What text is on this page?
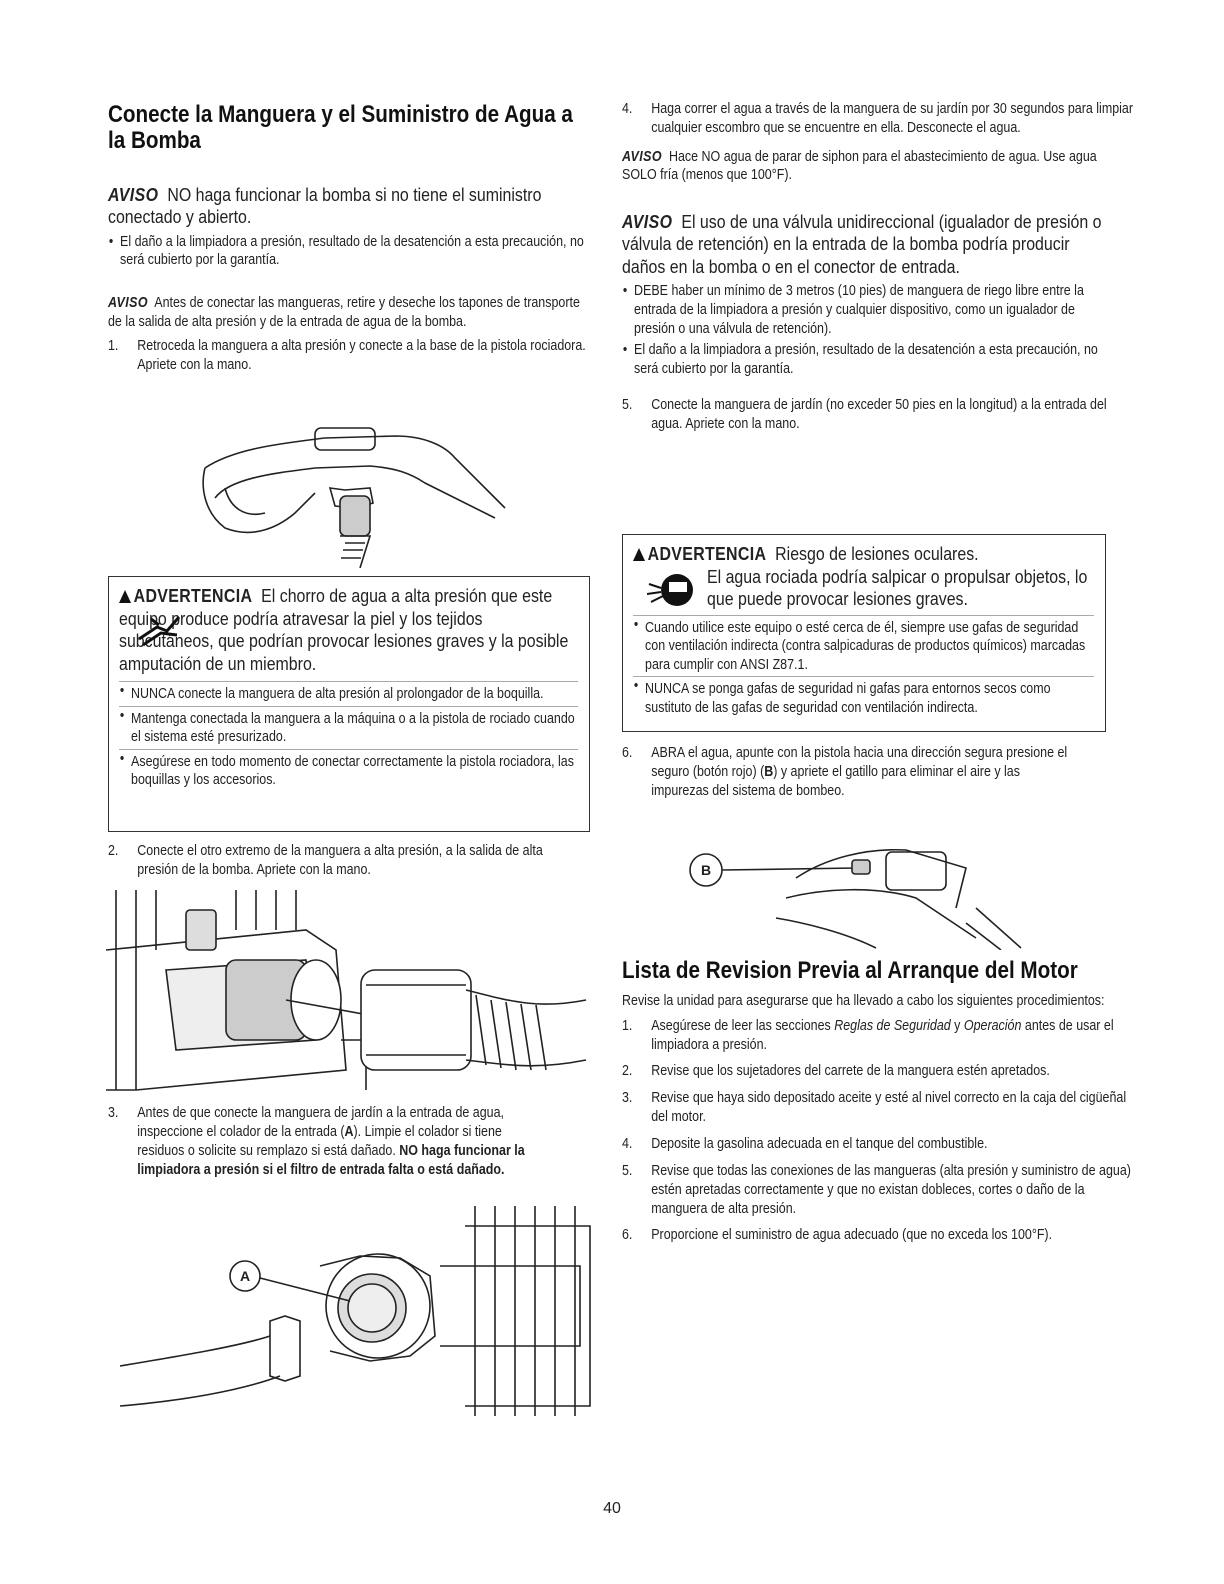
Conecte la Manguera y el Suministro de Agua a la Bomba

AVISO NO haga funcionar la bomba si no tiene el suministro conectado y abierto.

• El daño a la limpiadora a presión, resultado de la desatención a esta precaución, no será cubierto por la garantía.

AVISO Antes de conectar las mangueras, retire y deseche los tapones de transporte de la salida de alta presión y de la entrada de agua de la bomba.

1. Retroceda la manguera a alta presión y conecte a la base de la pistola rociadora. Apriete con la mano.
ADVERTENCIA El chorro de agua a alta presión que este equipo produce podría atravesar la piel y los tejidos subcutáneos, que podrían provocar lesiones graves y la posible amputación de un miembro.
• NUNCA conecte la manguera de alta presión al prolongador de la boquilla.
• Mantenga conectada la manguera a la máquina o a la pistola de rociado cuando el sistema esté presurizado.
• Asegúrese en todo momento de conectar correctamente la pistola rociadora, las boquillas y los accesorios.
2. Conecte el otro extremo de la manguera a alta presión, a la salida de alta presión de la bomba. Apriete con la mano.
3. Antes de que conecte la manguera de jardín a la entrada de agua, inspeccione el colador de la entrada (A). Limpie el colador si tiene residuos o solicite su remplazo si está dañado. NO haga funcionar la limpiadora a presión si el filtro de entrada falta o está dañado.
A
4. Haga correr el agua a través de la manguera de su jardín por 30 segundos para limpiar cualquier escombro que se encuentre en ella. Desconecte el agua.

AVISO Hace NO agua de parar de siphon para el abastecimiento de agua. Use agua SOLO fría (menos que 100°F).

AVISO El uso de una válvula unidireccional (igualador de presión o válvula de retención) en la entrada de la bomba podría producir daños en la bomba o en el conector de entrada.

• DEBE haber un mínimo de 3 metros (10 pies) de manguera de riego libre entre la entrada de la limpiadora a presión y cualquier dispositivo, como un igualador de presión o una válvula de retención).
• El daño a la limpiadora a presión, resultado de la desatención a esta precaución, no será cubierto por la garantía.
5. Conecte la manguera de jardín (no exceder 50 pies en la longitud) a la entrada del agua. Apriete con la mano.
ADVERTENCIA Riesgo de lesiones oculares.
El agua rociada podría salpicar o propulsar objetos, lo que puede provocar lesiones graves.
• Cuando utilice este equipo o esté cerca de él, siempre use gafas de seguridad con ventilación indirecta (contra salpicaduras de productos químicos) marcadas para cumplir con ANSI Z87.1.
• NUNCA se ponga gafas de seguridad ni gafas para entornos secos como sustituto de las gafas de seguridad con ventilación indirecta.
6. ABRA el agua, apunte con la pistola hacia una dirección segura presione el seguro (botón rojo) (B) y apriete el gatillo para eliminar el aire y las impurezas del sistema de bombeo.
B
Lista de Revision Previa al Arranque del Motor

Revise la unidad para asegurarse que ha llevado a cabo los siguientes procedimientos:

1. Asegúrese de leer las secciones Reglas de Seguridad y Operación antes de usar el limpiadora a presión.
2. Revise que los sujetadores del carrete de la manguera estén apretados.
3. Revise que haya sido depositado aceite y esté al nivel correcto en la caja del cigüeñal del motor.
4. Deposite la gasolina adecuada en el tanque del combustible.
5. Revise que todas las conexiones de las mangueras (alta presión y suministro de agua) estén apretadas correctamente y que no existan dobleces, cortes o daño de la manguera de alta presión.
6. Proporcione el suministro de agua adecuado (que no exceda los 100°F).
40
